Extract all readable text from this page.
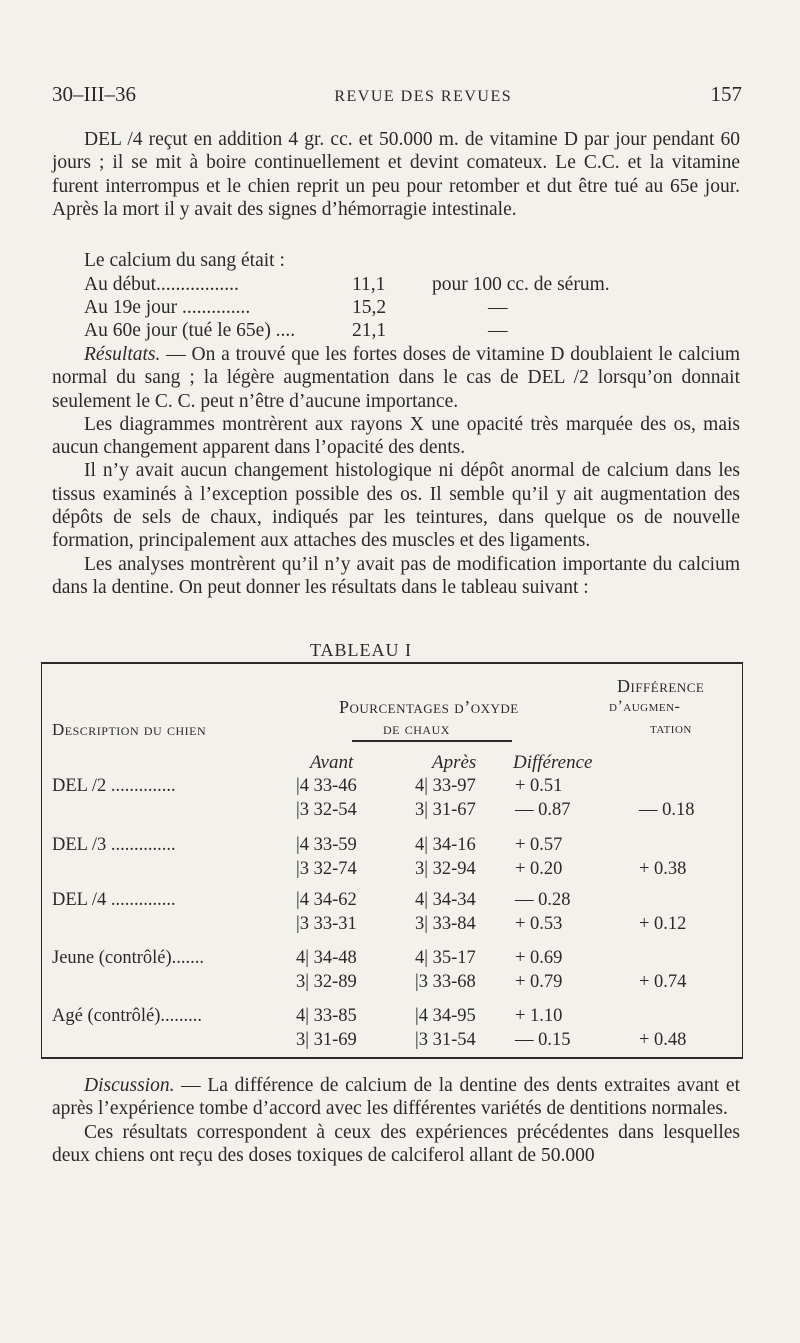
30–III–36	REVUE DES REVUES	157

DEL /4 reçut en addition 4 gr. cc. et 50.000 m. de vitamine D par jour pendant 60 jours ; il se mit à boire continuellement et devint comateux. Le C.C. et la vitamine furent interrompus et le chien reprit un peu pour retomber et dut être tué au 65e jour. Après la mort il y avait des signes d’hémorragie intestinale.

Le calcium du sang était :
Au début.................	11,1 pour 100 cc. de sérum.
Au 19e jour ..............	15,2	—
Au 60e jour (tué le 65e) ....	21,1	—

Résultats. — On a trouvé que les fortes doses de vitamine D doublaient le calcium normal du sang ; la légère augmentation dans le cas de DEL /2 lorsqu’on donnait seulement le C. C. peut n’être d’aucune importance.

Les diagrammes montrèrent aux rayons X une opacité très marquée des os, mais aucun changement apparent dans l’opacité des dents.

Il n’y avait aucun changement histologique ni dépôt anormal de calcium dans les tissus examinés à l’exception possible des os. Il semble qu’il y ait augmentation des dépôts de sels de chaux, indiqués par les teintures, dans quelque os de nouvelle formation, principalement aux attaches des muscles et des ligaments.

Les analyses montrèrent qu’il n’y avait pas de modification importante du calcium dans la dentine. On peut donner les résultats dans le tableau suivant :

TABLEAU I
Description du chien
Pourcentages d’oxyde
de chaux
Différence
d’augmen-
tation
Avant	Après Différence
DEL /2 ..............	|4 33-46	4| 33-97 + 0.51
|3 32-54	3| 31-67 — 0.87	— 0.18
DEL /3 ..............	|4 33-59	4| 34-16 + 0.57
|3 32-74	3| 32-94 + 0.20	+ 0.38
DEL /4 ..............	|4 34-62	4| 34-34 — 0.28
|3 33-31	3| 33-84 + 0.53	+ 0.12
Jeune (contrôlé).......	4| 34-48	4| 35-17 + 0.69
3| 32-89	|3 33-68 + 0.79	+ 0.74
Agé (contrôlé).........	4| 33-85	|4 34-95 + 1.10
3| 31-69	|3 31-54 — 0.15	+ 0.48

Discussion. — La différence de calcium de la dentine des dents extraites avant et après l’expérience tombe d’accord avec les différentes variétés de dentitions normales.

Ces résultats correspondent à ceux des expériences précédentes dans lesquelles deux chiens ont reçu des doses toxiques de calciferol allant de 50.000
